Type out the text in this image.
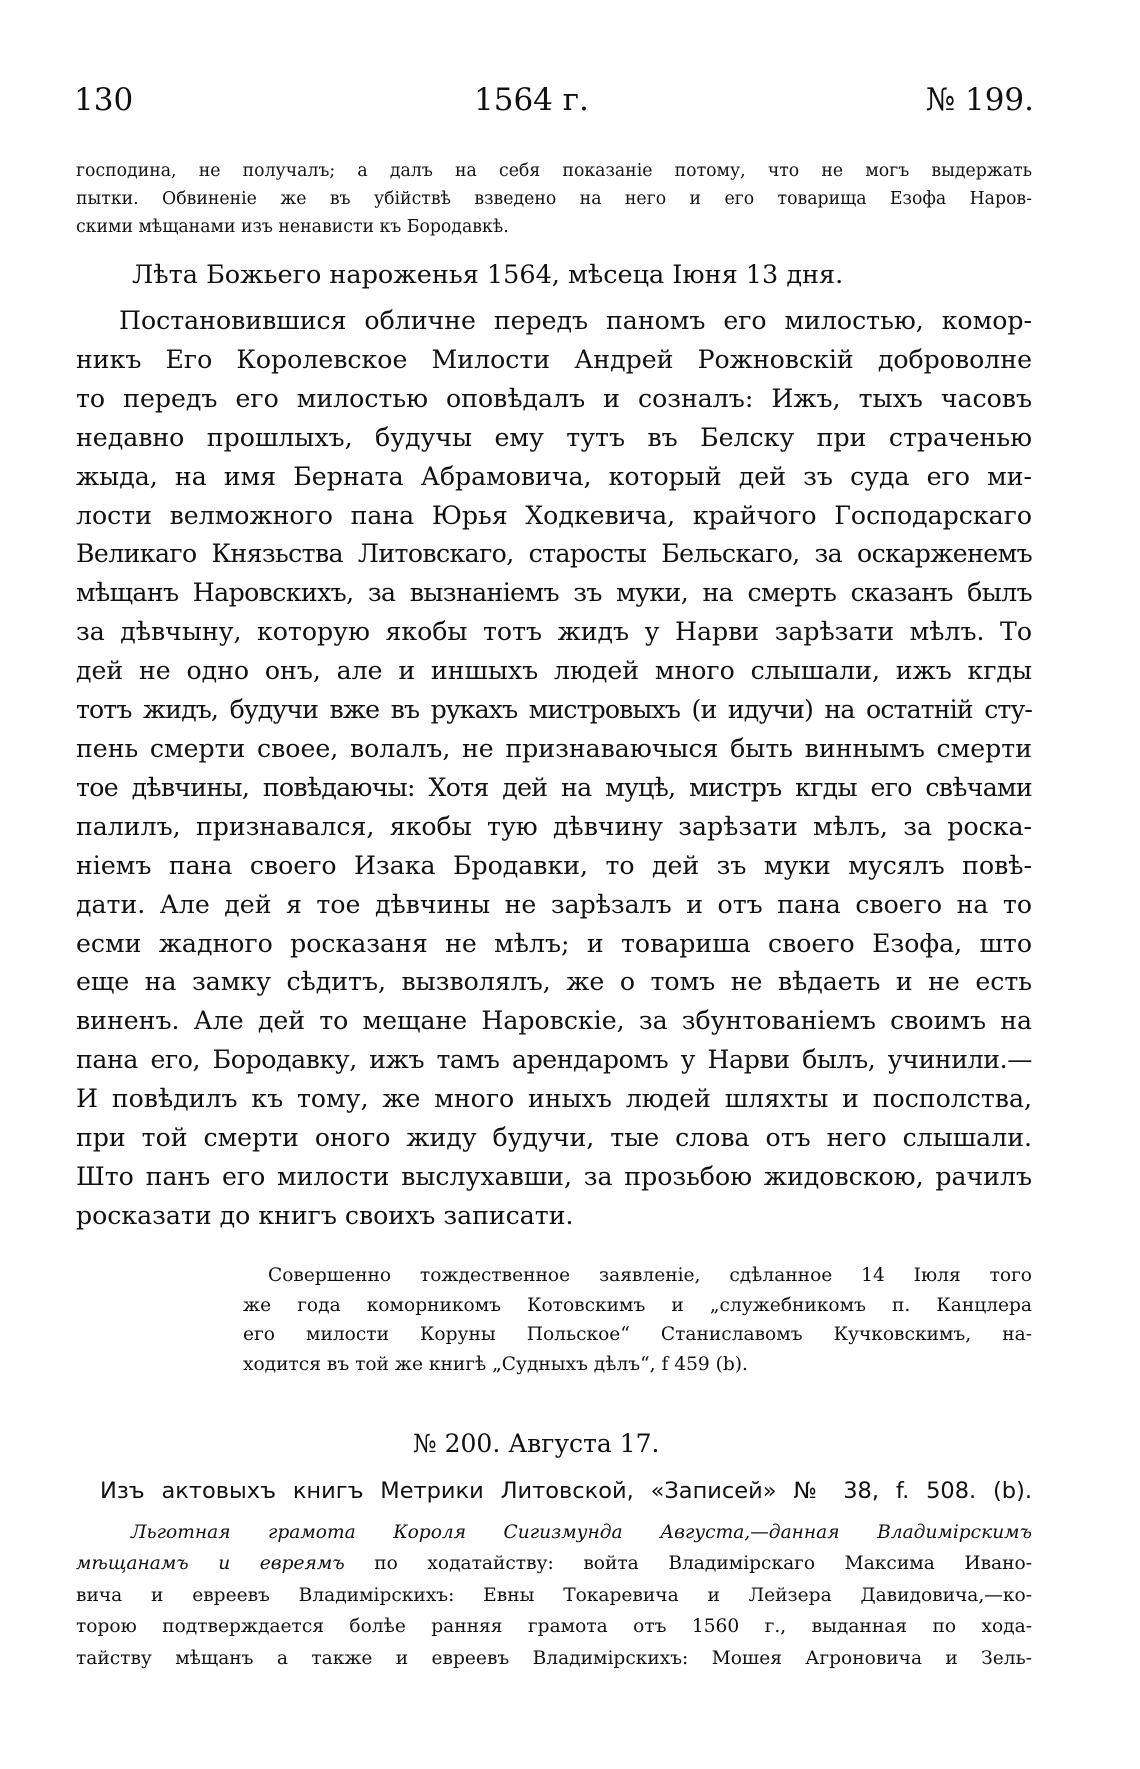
130	1564 г.	№ 199.
господина, не получалъ; а далъ на себя показаніе потому, что не могъ выдержать
пытки. Обвиненіе же въ убійствѣ взведено на него и его товарища Езофа Наров-
скими мѣщанами изъ ненависти къ Бородавкѣ.
Лѣта Божьего нароженья 1564, мѣсеца Іюня 13 дня.
Постановившися обличне передъ паномъ его милостью, комор-
никъ Его Королевское Милости Андрей Рожновскій доброволне
то передъ его милостью оповѣдалъ и созналъ: Ижъ, тыхъ часовъ
недавно прошлыхъ, будучы ему тутъ въ Белску при страченью
жыда, на имя Берната Абрамовича, который дей зъ суда его ми-
лости велможного пана Юрья Ходкевича, крайчого Господарскаго
Великаго Князьства Литовскаго, старосты Бельскаго, за оскарженемъ
мѣщанъ Наровскихъ, за вызнаніемъ зъ муки, на смерть сказанъ былъ
за дѣвчыну, которую якобы тотъ жидъ у Нарви зарѣзати мѣлъ. То
дей не одно онъ, але и иншыхъ людей много слышали, ижъ кгды
тотъ жидъ, будучи вже въ рукахъ мистровыхъ (и идучи) на остатній сту-
пень смерти своее, волалъ, не признаваючыся быть виннымъ смерти
тое дѣвчины, повѣдаючы: Хотя дей на муцѣ, мистръ кгды его свѣчами
палилъ, признавался, якобы тую дѣвчину зарѣзати мѣлъ, за роска-
ніемъ пана своего Изака Бродавки, то дей зъ муки мусялъ повѣ-
дати. Але дей я тое дѣвчины не зарѣзалъ и отъ пана своего на то
есми жадного росказаня не мѣлъ; и товариша своего Езофа, што
еще на замку сѣдитъ, вызволялъ, же о томъ не вѣдаеть и не есть
виненъ. Але дей то мещане Наровскіе, за збунтованіемъ своимъ на
пана его, Бородавку, ижъ тамъ арендаромъ у Нарви былъ, учинили.—
И повѣдилъ къ тому, же много иныхъ людей шляхты и посполства,
при той смерти оного жиду будучи, тые слова отъ него слышали.
Што панъ его милости выслухавши, за прозьбою жидовскою, рачилъ
росказати до книгъ своихъ записати.
Совершенно тождественное заявленіе, сдѣланное 14 Іюля того
же года коморникомъ Котовскимъ и „служебникомъ п. Канцлера
его милости Коруны Польское“ Станиславомъ Кучковскимъ, на-
ходится въ той же книгѣ „Судныхъ дѣлъ“, f 459 (b).
№ 200. Августа 17.
Изъ актовыхъ книгъ Метрики Литовской, «Записей» № 38, f. 508. (b).
Льготная грамота Короля Сигизмунда Августа,—данная Владимірскимъ
мѣщанамъ и евреямъ по ходатайству: войта Владимірскаго Максима Ивано-
вича и евреевъ Владимірскихъ: Евны Токаревича и Лейзера Давидовича,—ко-
торою подтверждается болѣе ранняя грамота отъ 1560 г., выданная по хода-
тайству мѣщанъ а также и евреевъ Владимірскихъ: Мошея Агроновича и Зель-
